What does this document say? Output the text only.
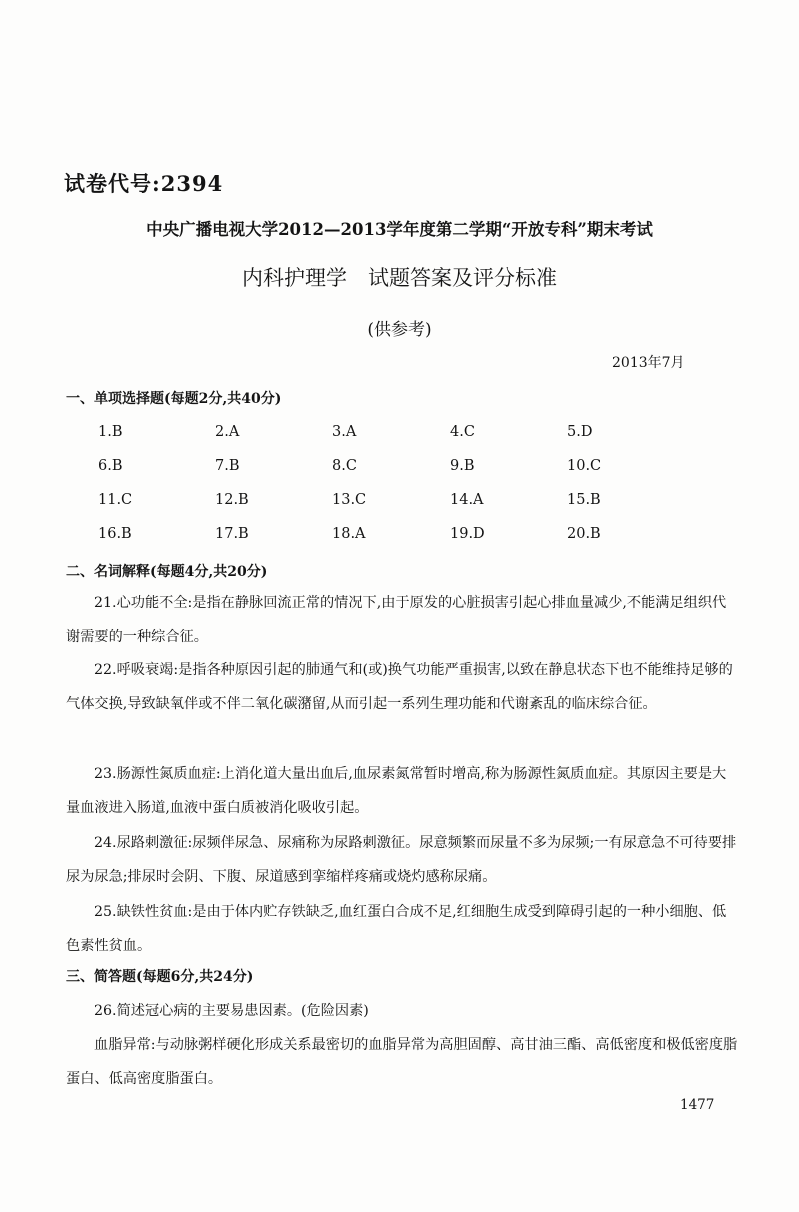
试卷代号:2394
中央广播电视大学2012—2013学年度第二学期“开放专科”期末考试
内科护理学　试题答案及评分标准
(供参考)
2013年7月
一、单项选择题(每题2分,共40分)
1.B	2.A	3.A	4.C	5.D
6.B	7.B	8.C	9.B	10.C
11.C	12.B	13.C	14.A	15.B
16.B	17.B	18.A	19.D	20.B
二、名词解释(每题4分,共20分)
21.心功能不全:是指在静脉回流正常的情况下,由于原发的心脏损害引起心排血量减少,不能满足组织代谢需要的一种综合征。
22.呼吸衰竭:是指各种原因引起的肺通气和(或)换气功能严重损害,以致在静息状态下也不能维持足够的气体交换,导致缺氧伴或不伴二氧化碳潴留,从而引起一系列生理功能和代谢紊乱的临床综合征。
23.肠源性氮质血症:上消化道大量出血后,血尿素氮常暂时增高,称为肠源性氮质血症。其原因主要是大量血液进入肠道,血液中蛋白质被消化吸收引起。
24.尿路刺激征:尿频伴尿急、尿痛称为尿路刺激征。尿意频繁而尿量不多为尿频;一有尿意急不可待要排尿为尿急;排尿时会阴、下腹、尿道感到挛缩样疼痛或烧灼感称尿痛。
25.缺铁性贫血:是由于体内贮存铁缺乏,血红蛋白合成不足,红细胞生成受到障碍引起的一种小细胞、低色素性贫血。
三、简答题(每题6分,共24分)
26.简述冠心病的主要易患因素。(危险因素)
血脂异常:与动脉粥样硬化形成关系最密切的血脂异常为高胆固醇、高甘油三酯、高低密度和极低密度脂蛋白、低高密度脂蛋白。
1477
